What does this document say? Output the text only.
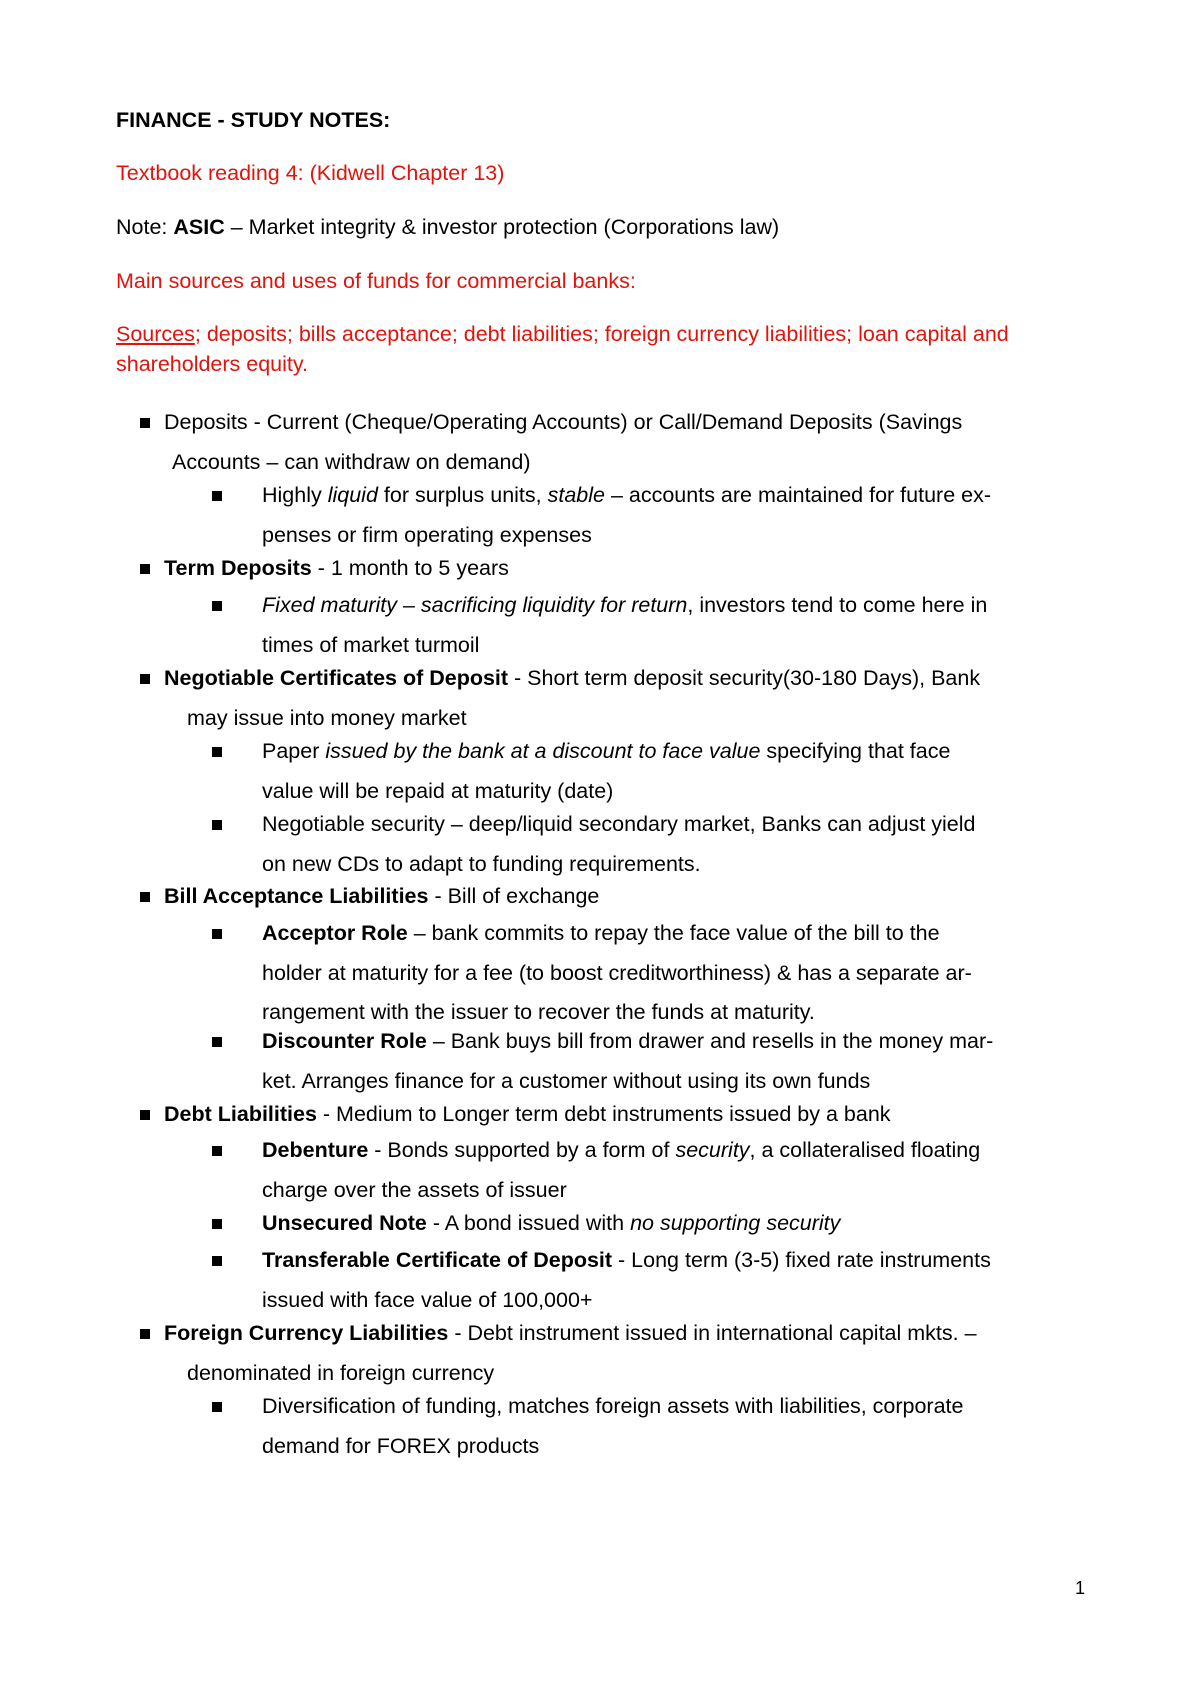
FINANCE - STUDY NOTES:
Textbook reading 4: (Kidwell Chapter 13)
Note: ASIC – Market integrity & investor protection (Corporations law)
Main sources and uses of funds for commercial banks:
Sources; deposits; bills acceptance; debt liabilities; foreign currency liabilities; loan capital and shareholders equity.
Deposits - Current (Cheque/Operating Accounts) or Call/Demand Deposits (Savings
Accounts – can withdraw on demand)
Highly liquid for surplus units, stable – accounts are maintained for future ex-
penses or firm operating expenses
Term Deposits - 1 month to 5 years
Fixed maturity – sacrificing liquidity for return, investors tend to come here in
times of market turmoil
Negotiable Certificates of Deposit - Short term deposit security(30-180 Days), Bank
may issue into money market
Paper issued by the bank at a discount to face value specifying that face
value will be repaid at maturity (date)
Negotiable security – deep/liquid secondary market, Banks can adjust yield
on new CDs to adapt to funding requirements.
Bill Acceptance Liabilities - Bill of exchange
Acceptor Role – bank commits to repay the face value of the bill to the
holder at maturity for a fee (to boost creditworthiness) & has a separate ar-
rangement with the issuer to recover the funds at maturity.
Discounter Role – Bank buys bill from drawer and resells in the money mar-
ket. Arranges finance for a customer without using its own funds
Debt Liabilities - Medium to Longer term debt instruments issued by a bank
Debenture - Bonds supported by a form of security, a collateralised floating
charge over the assets of issuer
Unsecured Note - A bond issued with no supporting security
Transferable Certificate of Deposit - Long term (3-5) fixed rate instruments
issued with face value of 100,000+
Foreign Currency Liabilities - Debt instrument issued in international capital mkts. –
denominated in foreign currency
Diversification of funding, matches foreign assets with liabilities, corporate
demand for FOREX products
1
